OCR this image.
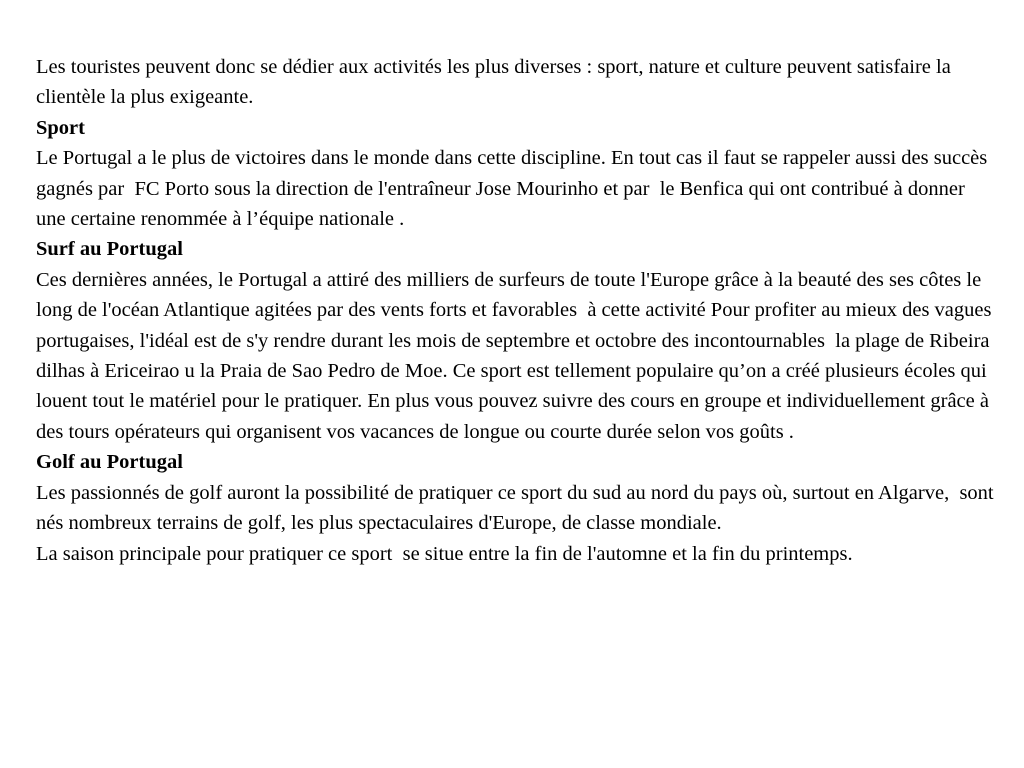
Les touristes peuvent donc se dédier aux activités les plus diverses : sport, nature et culture peuvent satisfaire la clientèle la plus exigeante.

Sport

Le Portugal a le plus de victoires dans le monde dans cette discipline. En tout cas il faut se rappeler aussi des succès gagnés par  FC Porto sous la direction de l'entraîneur Jose Mourinho et par  le Benfica qui ont contribué à donner une certaine renommée à l’équipe nationale .

Surf au Portugal

Ces dernières années, le Portugal a attiré des milliers de surfeurs de toute l'Europe grâce à la beauté des ses côtes le long de l'océan Atlantique agitées par des vents forts et favorables  à cette activité Pour profiter au mieux des vagues portugaises, l'idéal est de s'y rendre durant les mois de septembre et octobre des incontournables  la plage de Ribeira dilhas à Ericeirao u la Praia de Sao Pedro de Moe. Ce sport est tellement populaire qu’on a créé plusieurs écoles qui louent tout le matériel pour le pratiquer. En plus vous pouvez suivre des cours en groupe et individuellement grâce à des tours opérateurs qui organisent vos vacances de longue ou courte durée selon vos goûts .

Golf au Portugal

Les passionnés de golf auront la possibilité de pratiquer ce sport du sud au nord du pays où, surtout en Algarve,  sont nés nombreux terrains de golf, les plus spectaculaires d'Europe, de classe mondiale.

La saison principale pour pratiquer ce sport  se situe entre la fin de l'automne et la fin du printemps.
